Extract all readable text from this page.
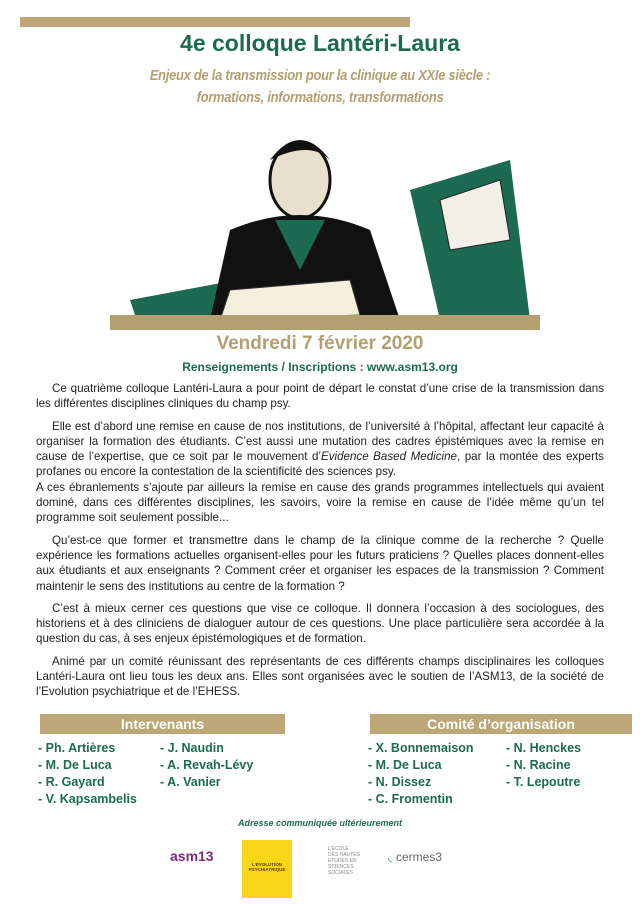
4e colloque Lantéri-Laura
Enjeux de la transmission pour la clinique au XXIe siècle :
formations, informations, transformations
Vendredi 7 février 2020
Renseignements / Inscriptions : www.asm13.org

Ce quatrième colloque Lantéri-Laura a pour point de départ le constat d’une crise de la transmission dans les différentes disciplines cliniques du champ psy.

Elle est d’abord une remise en cause de nos institutions, de l’université à l’hôpital, affectant leur capacité à organiser la formation des étudiants. C’est aussi une mutation des cadres épistémiques avec la remise en cause de l’expertise, que ce soit par le mouvement d’Evidence Based Medicine, par la montée des experts profanes ou encore la contestation de la scientificité des sciences psy.

A ces ébranlements s’ajoute par ailleurs la remise en cause des grands programmes intellectuels qui avaient dominé, dans ces différentes disciplines, les savoirs, voire la remise en cause de l’idée même qu’un tel programme soit seulement possible...

Qu’est-ce que former et transmettre dans le champ de la clinique comme de la recherche ? Quelle expérience les formations actuelles organisent-elles pour les futurs praticiens ? Quelles places donnent-elles aux étudiants et aux enseignants ? Comment créer et organiser les espaces de la transmission ? Comment maintenir le sens des institutions au centre de la formation ?

C’est à mieux cerner ces questions que vise ce colloque. Il donnera l’occasion à des sociologues, des historiens et à des cliniciens de dialoguer autour de ces questions. Une place particulière sera accordée à la question du cas, à ses enjeux épistémologiques et de formation.

Animé par un comité réunissant des représentants de ces différents champs disciplinaires les colloques Lantéri-Laura ont lieu tous les deux ans. Elles sont organisées avec le soutien de l’ASM13, de la société de l’Evolution psychiatrique et de l’EHESS.

Intervenants	Comité d’organisation
- Ph. Artières
- M. De Luca
- R. Gayard
- V. Kapsambelis
- J. Naudin
- A. Revah-Lévy
- A. Vanier
- X. Bonnemaison
- M. De Luca
- N. Dissez
- C. Fromentin
- N. Henckes
- N. Racine
- T. Lepoutre
Adresse communiquée ultérieurement
asm13
L’ÉVOLUTION
PSYCHIATRIQUE
L’ECOLE DES HAUTES ETUDES EN SCIENCES SOCIALES
◟ cermes3
